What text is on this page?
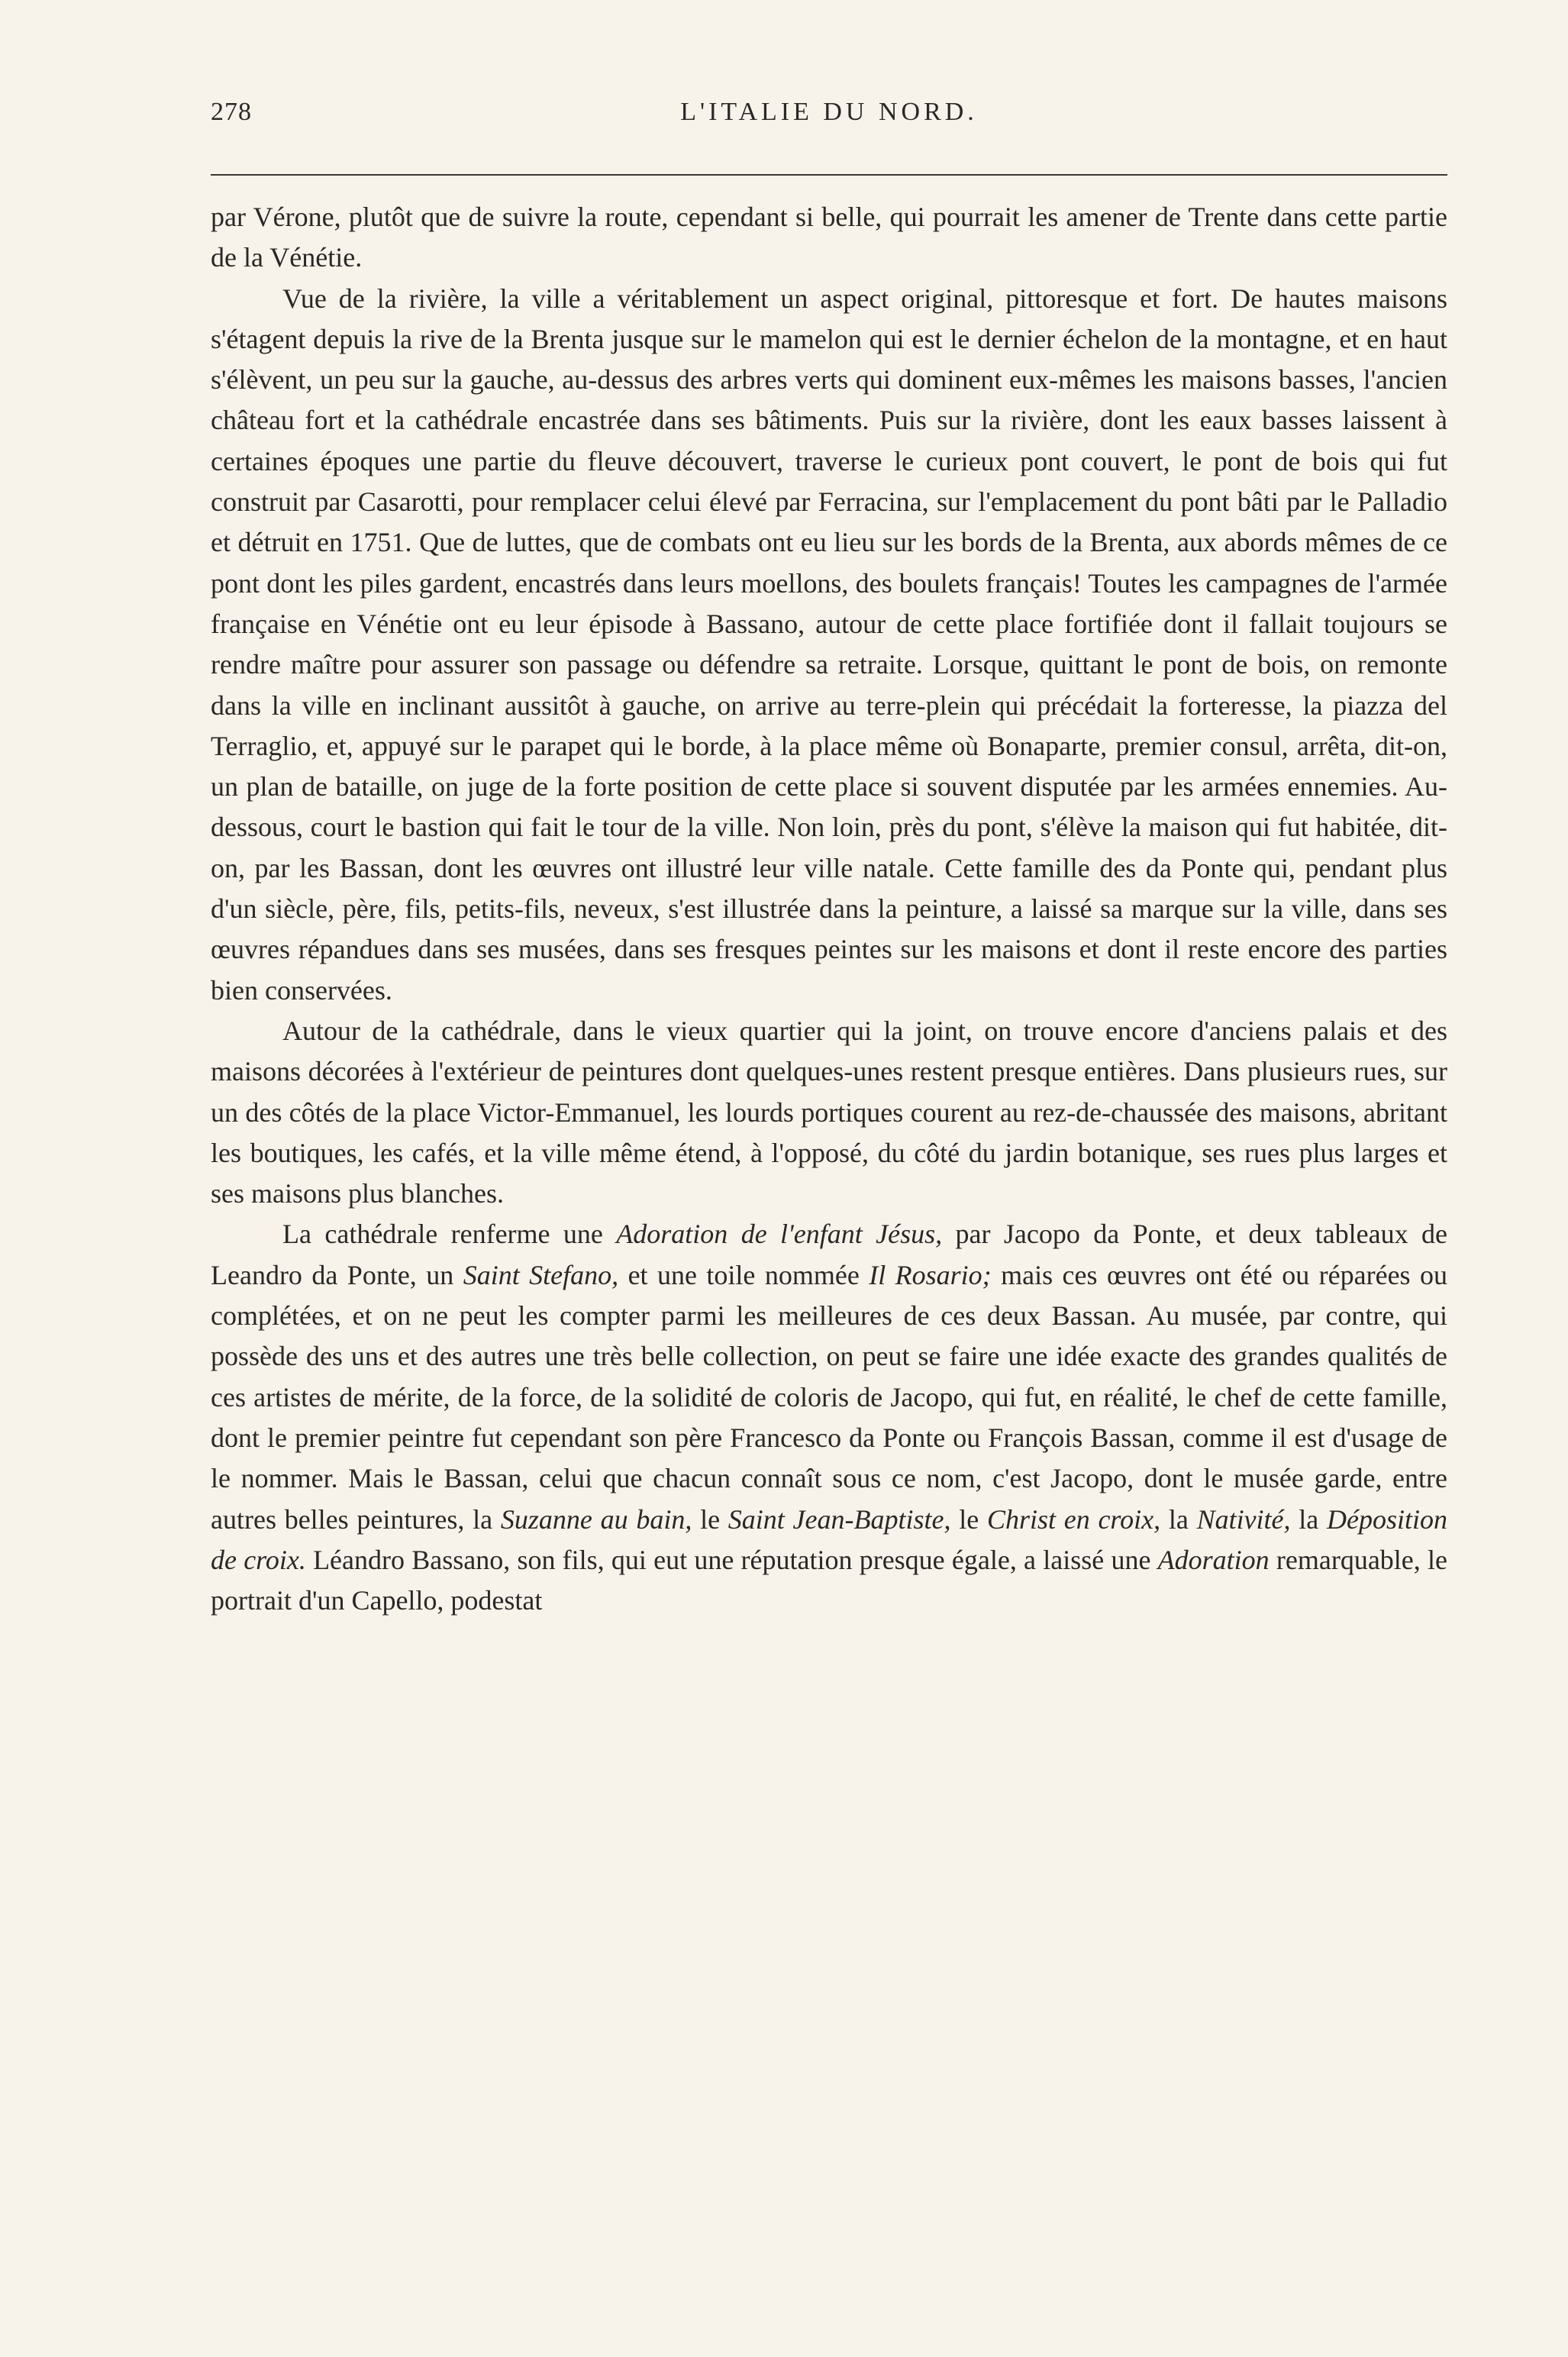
278	L'ITALIE DU NORD.

par Vérone, plutôt que de suivre la route, cependant si belle, qui pourrait les amener de Trente dans cette partie de la Vénétie.

Vue de la rivière, la ville a véritablement un aspect original, pittoresque et fort. De hautes maisons s'étagent depuis la rive de la Brenta jusque sur le mamelon qui est le dernier échelon de la montagne, et en haut s'élèvent, un peu sur la gauche, au-dessus des arbres verts qui dominent eux-mêmes les maisons basses, l'ancien château fort et la cathédrale encastrée dans ses bâtiments. Puis sur la rivière, dont les eaux basses laissent à certaines époques une partie du fleuve découvert, traverse le curieux pont couvert, le pont de bois qui fut construit par Casarotti, pour remplacer celui élevé par Ferracina, sur l'emplacement du pont bâti par le Palladio et détruit en 1751. Que de luttes, que de combats ont eu lieu sur les bords de la Brenta, aux abords mêmes de ce pont dont les piles gardent, encastrés dans leurs moellons, des boulets français! Toutes les campagnes de l'armée française en Vénétie ont eu leur épisode à Bassano, autour de cette place fortifiée dont il fallait toujours se rendre maître pour assurer son passage ou défendre sa retraite. Lorsque, quittant le pont de bois, on remonte dans la ville en inclinant aussitôt à gauche, on arrive au terre-plein qui précédait la forteresse, la piazza del Terraglio, et, appuyé sur le parapet qui le borde, à la place même où Bonaparte, premier consul, arrêta, dit-on, un plan de bataille, on juge de la forte position de cette place si souvent disputée par les armées ennemies. Au-dessous, court le bastion qui fait le tour de la ville. Non loin, près du pont, s'élève la maison qui fut habitée, dit-on, par les Bassan, dont les œuvres ont illustré leur ville natale. Cette famille des da Ponte qui, pendant plus d'un siècle, père, fils, petits-fils, neveux, s'est illustrée dans la peinture, a laissé sa marque sur la ville, dans ses œuvres répandues dans ses musées, dans ses fresques peintes sur les maisons et dont il reste encore des parties bien conservées.

Autour de la cathédrale, dans le vieux quartier qui la joint, on trouve encore d'anciens palais et des maisons décorées à l'extérieur de peintures dont quelques-unes restent presque entières. Dans plusieurs rues, sur un des côtés de la place Victor-Emmanuel, les lourds portiques courent au rez-de-chaussée des maisons, abritant les boutiques, les cafés, et la ville même étend, à l'opposé, du côté du jardin botanique, ses rues plus larges et ses maisons plus blanches.

La cathédrale renferme une Adoration de l'enfant Jésus, par Jacopo da Ponte, et deux tableaux de Leandro da Ponte, un Saint Stefano, et une toile nommée Il Rosario; mais ces œuvres ont été ou réparées ou complétées, et on ne peut les compter parmi les meilleures de ces deux Bassan. Au musée, par contre, qui possède des uns et des autres une très belle collection, on peut se faire une idée exacte des grandes qualités de ces artistes de mérite, de la force, de la solidité de coloris de Jacopo, qui fut, en réalité, le chef de cette famille, dont le premier peintre fut cependant son père Francesco da Ponte ou François Bassan, comme il est d'usage de le nommer. Mais le Bassan, celui que chacun connaît sous ce nom, c'est Jacopo, dont le musée garde, entre autres belles peintures, la Suzanne au bain, le Saint Jean-Baptiste, le Christ en croix, la Nativité, la Déposition de croix. Léandro Bassano, son fils, qui eut une réputation presque égale, a laissé une Adoration remarquable, le portrait d'un Capello, podestat
